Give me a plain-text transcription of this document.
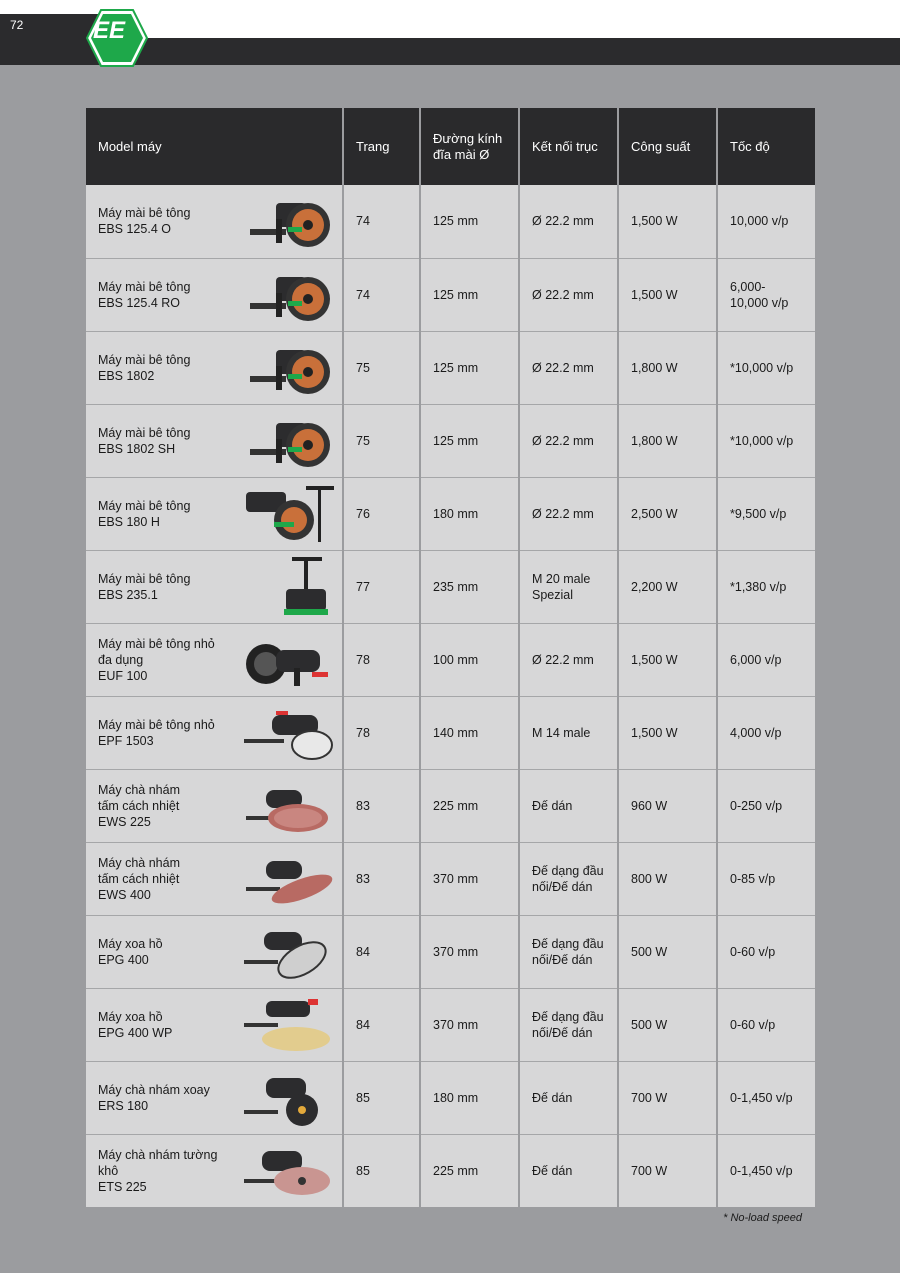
72	EE
Model máy	Trang	Đường kính đĩa mài Ø	Kết nối trục	Công suất	Tốc độ

Máy mài bê tông
EBS 125.4 O	74	125 mm	Ø 22.2 mm	1,500 W	10,000 v/p

Máy mài bê tông
EBS 125.4 RO	74	125 mm	Ø 22.2 mm	1,500 W	6,000-
10,000 v/p

Máy mài bê tông
EBS 1802	75	125 mm	Ø 22.2 mm	1,800 W	*10,000 v/p

Máy mài bê tông
EBS 1802 SH	75	125 mm	Ø 22.2 mm	1,800 W	*10,000 v/p

Máy mài bê tông
EBS 180 H	76	180 mm	Ø 22.2 mm	2,500 W	*9,500 v/p

Máy mài bê tông
EBS 235.1	77	235 mm	M 20 male
Spezial	2,200 W	*1,380 v/p

Máy mài bê tông nhỏ
đa dụng
EUF 100	78	100 mm	Ø 22.2 mm	1,500 W	6,000 v/p

Máy mài bê tông nhỏ
EPF 1503	78	140 mm	M 14 male	1,500 W	4,000 v/p

Máy chà nhám
tấm cách nhiệt
EWS 225	83	225 mm	Đế dán	960 W	0-250 v/p

Máy chà nhám
tấm cách nhiệt
EWS 400	83	370 mm	Đế dạng đầu
nối/Đế dán	800 W	0-85 v/p

Máy xoa hồ
EPG 400	84	370 mm	Đế dạng đầu
nối/Đế dán	500 W	0-60 v/p

Máy xoa hồ
EPG 400 WP	84	370 mm	Đế dạng đầu
nối/Đế dán	500 W	0-60 v/p

Máy chà nhám xoay
ERS 180	85	180 mm	Đế dán	700 W	0-1,450 v/p

Máy chà nhám tường khô
ETS 225	85	225 mm	Đế dán	700 W	0-1,450 v/p
* No-load speed
